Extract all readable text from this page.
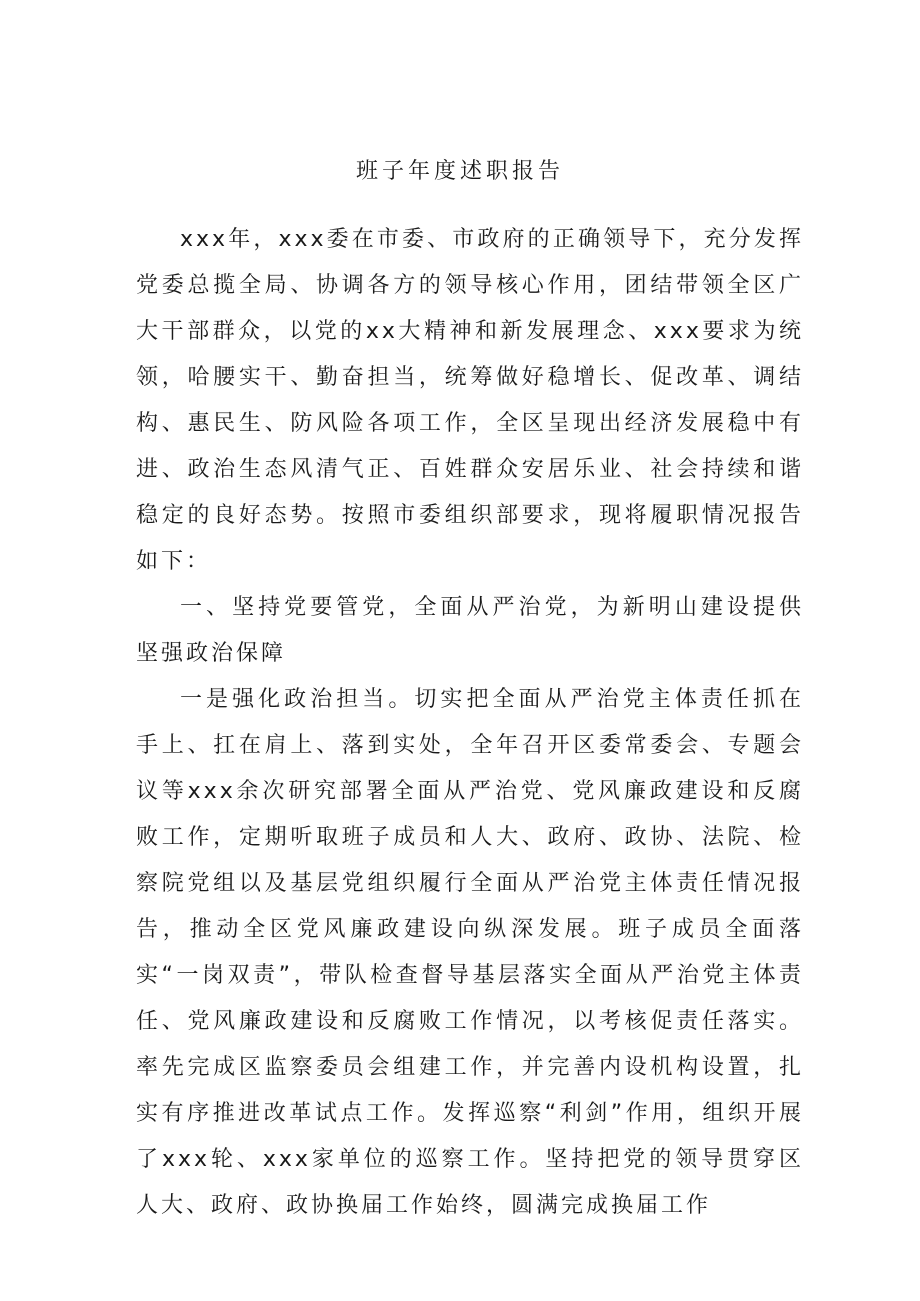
班子年度述职报告

xxx年，xxx委在市委、市政府的正确领导下，充分发挥党委总揽全局、协调各方的领导核心作用，团结带领全区广大干部群众，以党的xx大精神和新发展理念、xxx要求为统领，哈腰实干、勤奋担当，统筹做好稳增长、促改革、调结构、惠民生、防风险各项工作，全区呈现出经济发展稳中有进、政治生态风清气正、百姓群众安居乐业、社会持续和谐稳定的良好态势。按照市委组织部要求，现将履职情况报告如下：

一、坚持党要管党，全面从严治党，为新明山建设提供坚强政治保障

一是强化政治担当。切实把全面从严治党主体责任抓在手上、扛在肩上、落到实处，全年召开区委常委会、专题会议等xxx余次研究部署全面从严治党、党风廉政建设和反腐败工作，定期听取班子成员和人大、政府、政协、法院、检察院党组以及基层党组织履行全面从严治党主体责任情况报告，推动全区党风廉政建设向纵深发展。班子成员全面落实“一岗双责”，带队检查督导基层落实全面从严治党主体责任、党风廉政建设和反腐败工作情况，以考核促责任落实。率先完成区监察委员会组建工作，并完善内设机构设置，扎实有序推进改革试点工作。发挥巡察“利剑”作用，组织开展了xxx轮、xxx家单位的巡察工作。坚持把党的领导贯穿区人大、政府、政协换届工作始终，圆满完成换届工作
